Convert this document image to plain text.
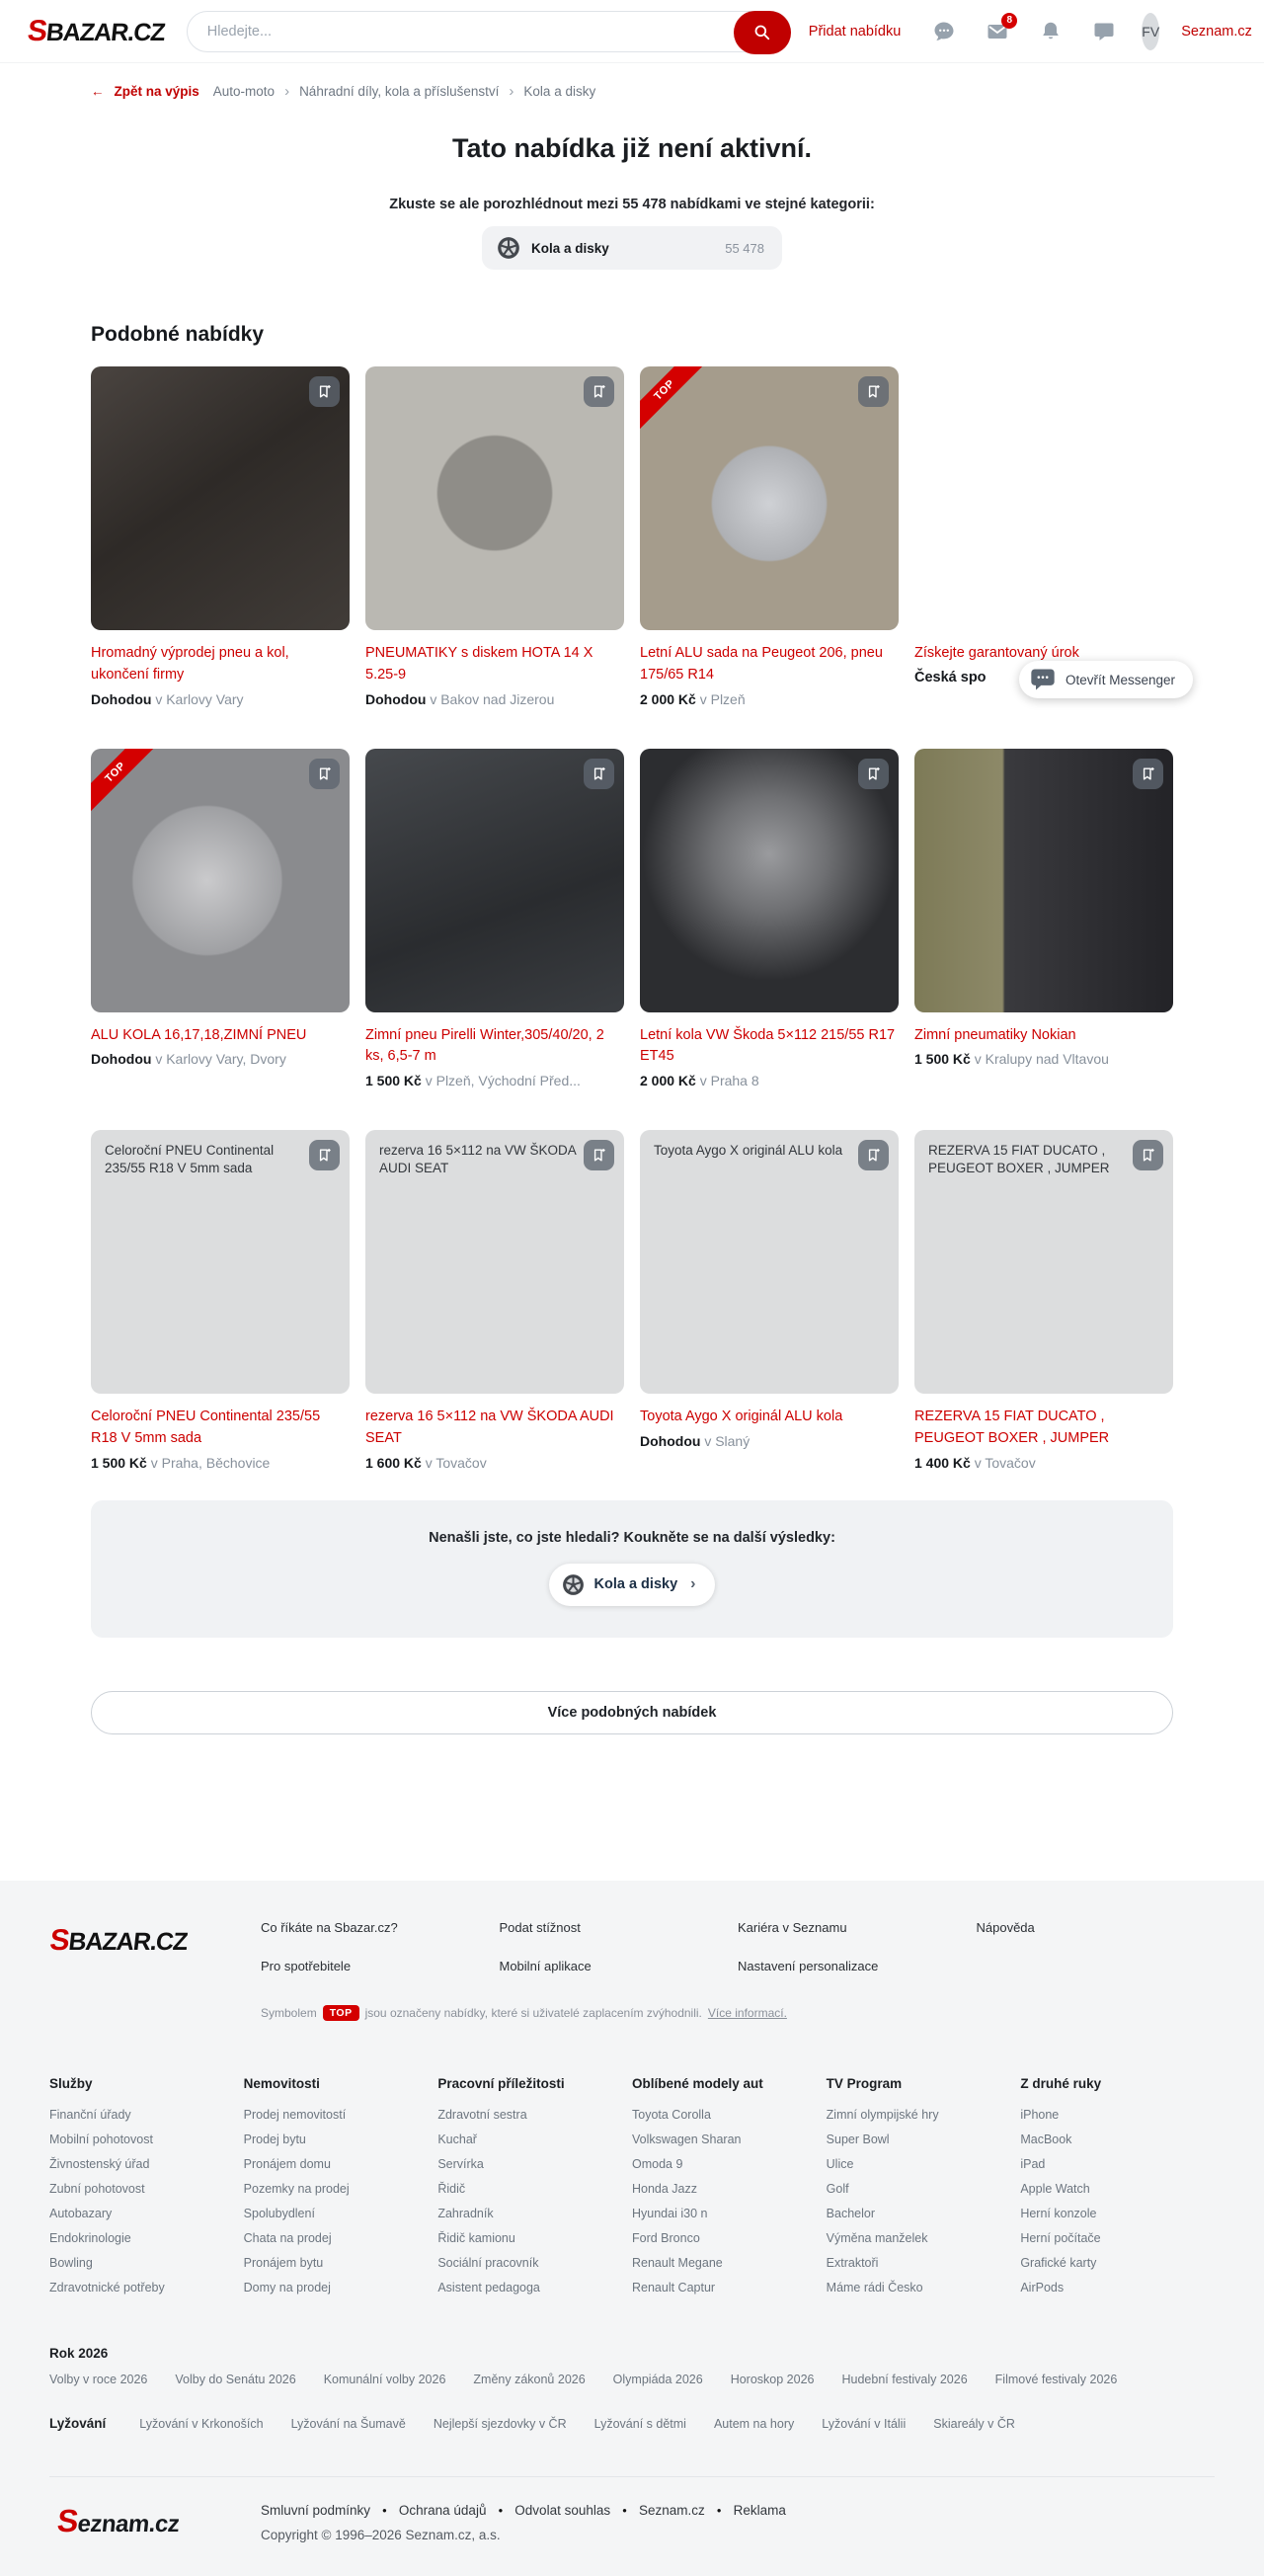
SBAZAR.CZ
Hledejte...	Přidat nabídku
8
FV Seznam.cz
← Zpět na výpis Auto-moto › Náhradní díly, kola a příslušenství › Kola a disky
Tato nabídka již není aktivní.

Zkuste se ale porozhlédnout mezi 55 478 nabídkami ve stejné kategorii:

Kola a disky	55 478
Podobné nabídky
Hromadný výprodej pneu a kol, ukončení firmy

Dohodou v Karlovy Vary

PNEUMATIKY s diskem HOTA 14 X 5.25-9

Dohodou v Bakov nad Jizerou

TOP
Letní ALU sada na Peugeot 206, pneu 175/65 R14

2 000 Kč v Plzeň

Získejte garantovaný úrok

Česká spo

TOP
ALU KOLA 16,17,18,ZIMNÍ PNEU

Dohodou v Karlovy Vary, Dvory

Zimní pneu Pirelli Winter,305/40/20, 2 ks, 6,5-7 m

1 500 Kč v Plzeň, Východní Před...

Letní kola VW Škoda 5×112 215/55 R17 ET45

2 000 Kč v Praha 8

Zimní pneumatiky Nokian

1 500 Kč v Kralupy nad Vltavou

Celoroční PNEU Continental 235/55 R18 V 5mm sada

Celoroční PNEU Continental 235/55 R18 V 5mm sada

1 500 Kč v Praha, Běchovice

rezerva 16 5×112 na VW ŠKODA AUDI SEAT

rezerva 16 5×112 na VW ŠKODA AUDI SEAT

1 600 Kč v Tovačov

Toyota Aygo X originál ALU kola

Toyota Aygo X originál ALU kola

Dohodou v Slaný

REZERVA 15 FIAT DUCATO , PEUGEOT BOXER , JUMPER

REZERVA 15 FIAT DUCATO , PEUGEOT BOXER , JUMPER

1 400 Kč v Tovačov

Otevřít Messenger

Nenašli jste, co jste hledali? Koukněte se na další výsledky:

Kola a disky ›
Více podobných nabídek
SBAZAR.CZ
Co říkáte na Sbazar.cz?	Podat stížnost	Kariéra v Seznamu	Nápověda
Pro spotřebitele	Mobilní aplikace	Nastavení personalizace

Symbolem	TOP	jsou označeny nabídky, které si uživatelé zaplacením zvýhodnili. Více informací.

Služby
Finanční úřady
Mobilní pohotovost
Živnostenský úřad
Zubní pohotovost
Autobazary
Endokrinologie
Bowling
Zdravotnické potřeby
Nemovitosti
Prodej nemovitostí
Prodej bytu
Pronájem domu
Pozemky na prodej
Spolubydlení
Chata na prodej
Pronájem bytu
Domy na prodej
Pracovní příležitosti
Zdravotní sestra
Kuchař
Servírka
Řidič
Zahradník
Řidič kamionu
Sociální pracovník
Asistent pedagoga
Oblíbené modely aut
Toyota Corolla
Volkswagen Sharan
Omoda 9
Honda Jazz
Hyundai i30 n
Ford Bronco
Renault Megane
Renault Captur
TV Program
Zimní olympijské hry
Super Bowl
Ulice
Golf
Bachelor
Výměna manželek
Extraktoři
Máme rádi Česko
Z druhé ruky
iPhone
MacBook
iPad
Apple Watch
Herní konzole
Herní počítače
Grafické karty
AirPods
Rok 2026
Volby v roce 2026 Volby do Senátu 2026 Komunální volby 2026 Změny zákonů 2026 Olympiáda 2026 Horoskop 2026 Hudební festivaly 2026 Filmové festivaly 2026
Lyžování	Lyžování v Krkonoších Lyžování na Šumavě Nejlepší sjezdovky v ČR Lyžování s dětmi Autem na hory Lyžování v Itálii Skiareály v ČR
Seznam.cz
Smluvní podmínky ●	Ochrana údajů ●	Odvolat souhlas ●	Seznam.cz ●	Reklama

Copyright © 1996–2026 Seznam.cz, a.s.
